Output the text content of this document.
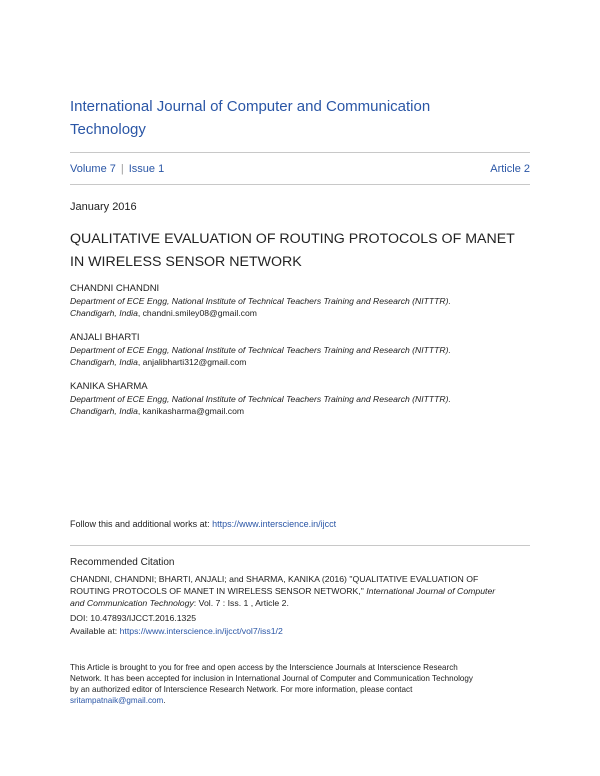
International Journal of Computer and Communication
Technology
Volume 7 | Issue 1	Article 2
January 2016
QUALITATIVE EVALUATION OF ROUTING PROTOCOLS OF MANET
IN WIRELESS SENSOR NETWORK
CHANDNI CHANDNI
Department of ECE Engg, National Institute of Technical Teachers Training and Research (NITTTR).
Chandigarh, India, chandni.smiley08@gmail.com
ANJALI BHARTI
Department of ECE Engg, National Institute of Technical Teachers Training and Research (NITTTR).
Chandigarh, India, anjalibharti312@gmail.com
KANIKA SHARMA
Department of ECE Engg, National Institute of Technical Teachers Training and Research (NITTTR).
Chandigarh, India, kanikasharma@gmail.com
Follow this and additional works at: https://www.interscience.in/ijcct
Recommended Citation
CHANDNI, CHANDNI; BHARTI, ANJALI; and SHARMA, KANIKA (2016) "QUALITATIVE EVALUATION OF
ROUTING PROTOCOLS OF MANET IN WIRELESS SENSOR NETWORK," International Journal of Computer
and Communication Technology: Vol. 7 : Iss. 1 , Article 2.
DOI: 10.47893/IJCCT.2016.1325
Available at: https://www.interscience.in/ijcct/vol7/iss1/2
This Article is brought to you for free and open access by the Interscience Journals at Interscience Research
Network. It has been accepted for inclusion in International Journal of Computer and Communication Technology
by an authorized editor of Interscience Research Network. For more information, please contact
sritampatnaik@gmail.com.
